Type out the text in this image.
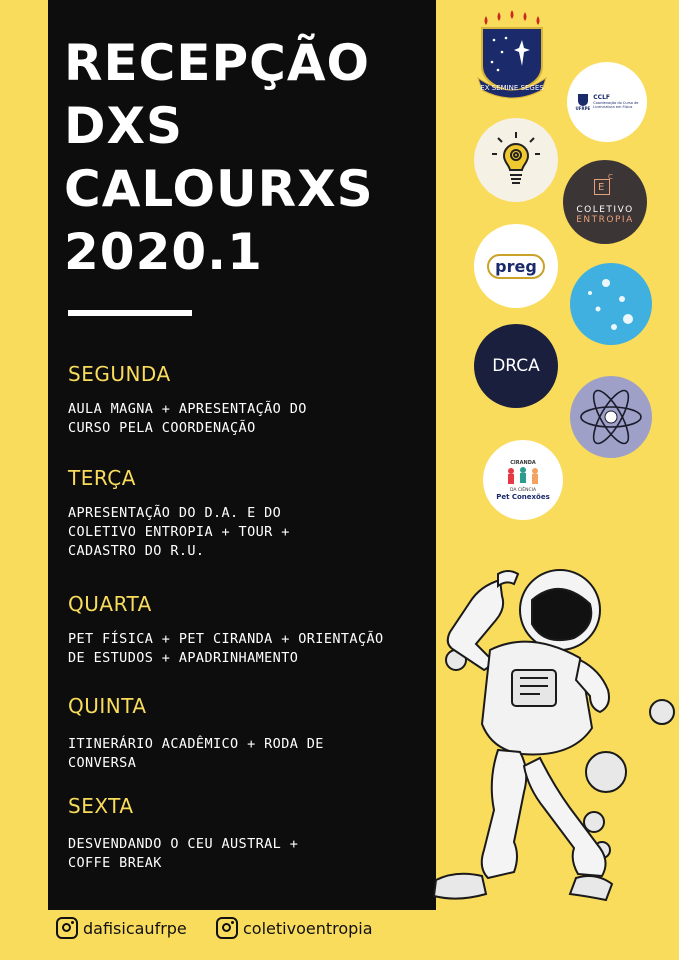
RECEPÇÃO
DXS
CALOURXS
2020.1
SEGUNDA
AULA MAGNA + APRESENTAÇÃO DO
CURSO PELA COORDENAÇÃO
TERÇA
APRESENTAÇÃO DO D.A. E DO
COLETIVO ENTROPIA + TOUR +
CADASTRO DO R.U.
QUARTA
PET FÍSICA + PET CIRANDA + ORIENTAÇÃO
DE ESTUDOS + APADRINHAMENTO
QUINTA
ITINERÁRIO ACADÊMICO + RODA DE
CONVERSA
SEXTA
DESVENDANDO O CEU AUSTRAL +
COFFE BREAK
dafisicaufrpe	coletivoentropia
EX SEMINE SEGES
UFRPE
CCLF
Coordenação do Curso de
Licenciatura em Física
E
C
COLETIVO
ENTROPIA
preg
DRCA
CIRANDA
DA CIÊNCIA
Pet Conexões
